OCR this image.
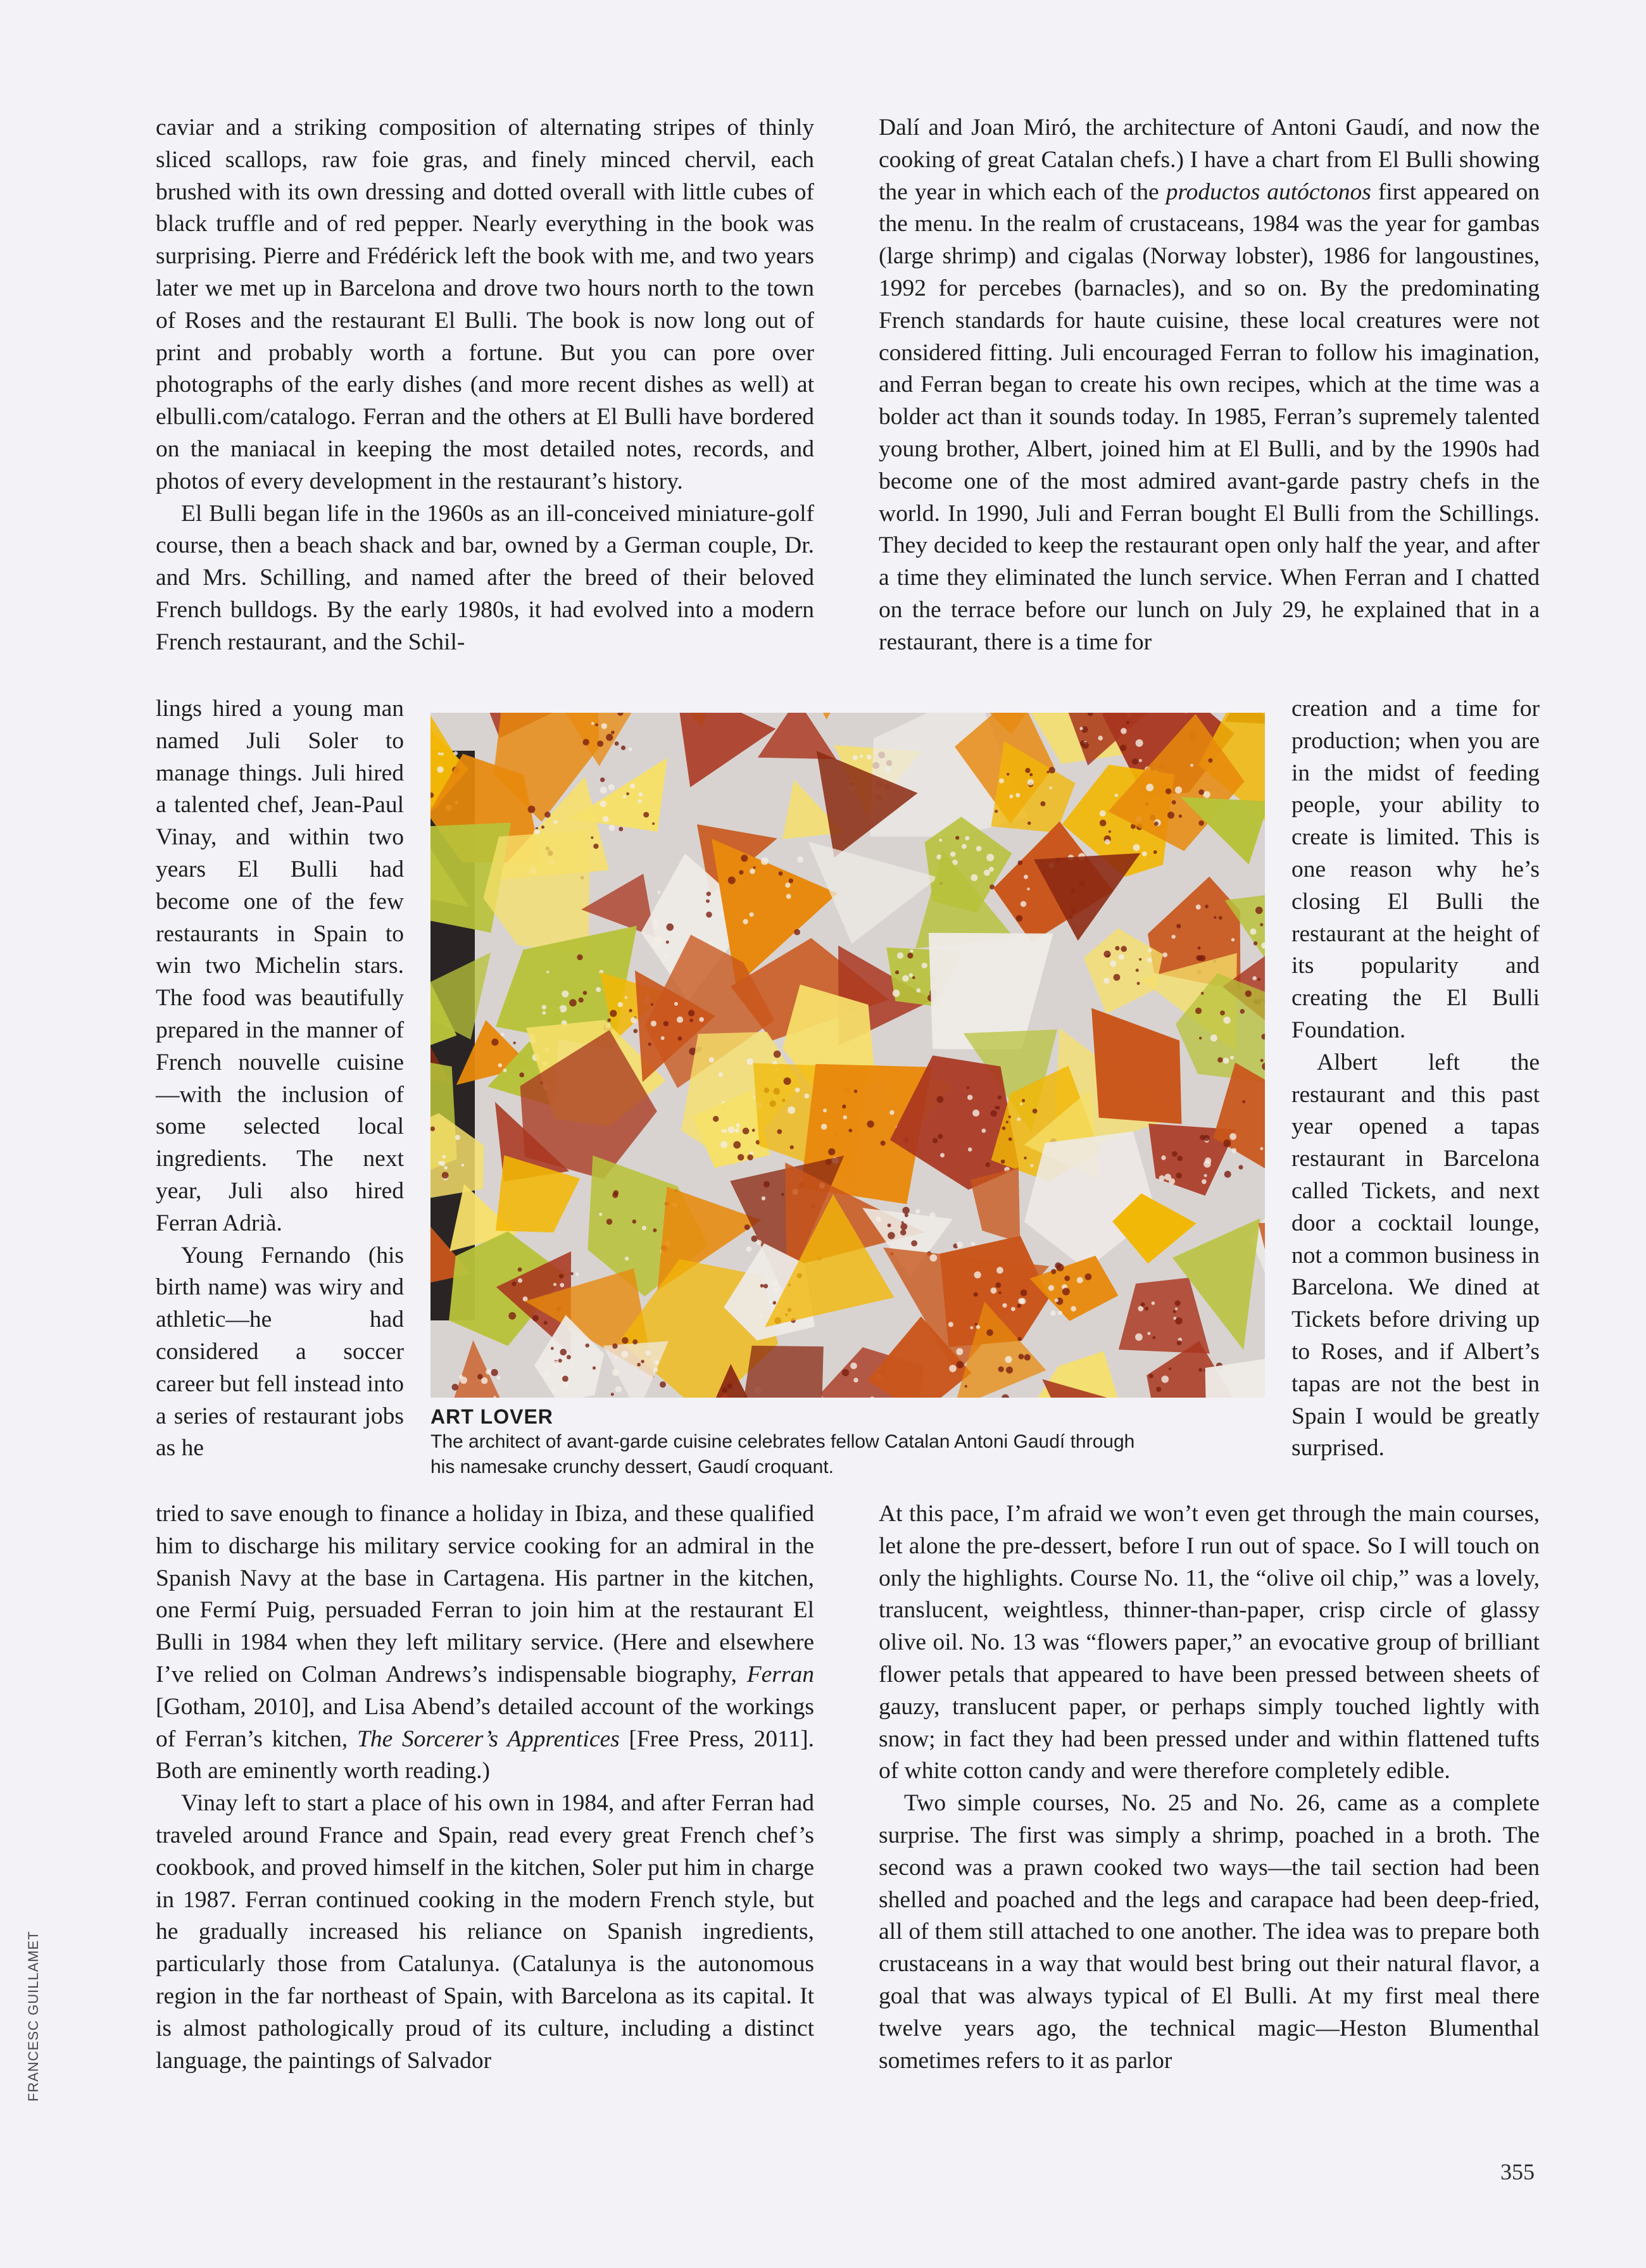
caviar and a striking composition of alternating stripes of thinly sliced scallops, raw foie gras, and finely minced chervil, each brushed with its own dressing and dotted overall with little cubes of black truffle and of red pepper. Nearly everything in the book was surprising. Pierre and Frédérick left the book with me, and two years later we met up in Barcelona and drove two hours north to the town of Roses and the restaurant El Bulli. The book is now long out of print and probably worth a fortune. But you can pore over photographs of the early dishes (and more recent dishes as well) at elbulli.com/catalogo. Ferran and the others at El Bulli have bordered on the maniacal in keeping the most detailed notes, records, and photos of every development in the restaurant’s history.

El Bulli began life in the 1960s as an ill-conceived miniature-golf course, then a beach shack and bar, owned by a German couple, Dr. and Mrs. Schilling, and named after the breed of their beloved French bulldogs. By the early 1980s, it had evolved into a modern French restaurant, and the Schil-

lings hired a young man named Juli Soler to manage things. Juli hired a talented chef, Jean-Paul Vinay, and within two years El Bulli had become one of the few restaurants in Spain to win two Michelin stars. The food was beautifully prepared in the manner of French nouvelle cuisine—with the inclusion of some selected local ingredients. The next year, Juli also hired Ferran Adrià.

Young Fernando (his birth name) was wiry and athletic—he had considered a soccer career but fell instead into a series of restaurant jobs as he

tried to save enough to finance a holiday in Ibiza, and these qualified him to discharge his military service cooking for an admiral in the Spanish Navy at the base in Cartagena. His partner in the kitchen, one Fermí Puig, persuaded Ferran to join him at the restaurant El Bulli in 1984 when they left military service. (Here and elsewhere I’ve relied on Colman Andrews’s indispensable biography, Ferran [Gotham, 2010], and Lisa Abend’s detailed account of the workings of Ferran’s kitchen, The Sorcerer’s Apprentices [Free Press, 2011]. Both are eminently worth reading.)

Vinay left to start a place of his own in 1984, and after Ferran had traveled around France and Spain, read every great French chef’s cookbook, and proved himself in the kitchen, Soler put him in charge in 1987. Ferran continued cooking in the modern French style, but he gradually increased his reliance on Spanish ingredients, particularly those from Catalunya. (Catalunya is the autonomous region in the far northeast of Spain, with Barcelona as its capital. It is almost pathologically proud of its culture, including a distinct language, the paintings of Salvador

Dalí and Joan Miró, the architecture of Antoni Gaudí, and now the cooking of great Catalan chefs.) I have a chart from El Bulli showing the year in which each of the productos autóctonos first appeared on the menu. In the realm of crustaceans, 1984 was the year for gambas (large shrimp) and cigalas (Norway lobster), 1986 for langoustines, 1992 for percebes (barnacles), and so on. By the predominating French standards for haute cuisine, these local creatures were not considered fitting. Juli encouraged Ferran to follow his imagination, and Ferran began to create his own recipes, which at the time was a bolder act than it sounds today. In 1985, Ferran’s supremely talented young brother, Albert, joined him at El Bulli, and by the 1990s had become one of the most admired avant-garde pastry chefs in the world. In 1990, Juli and Ferran bought El Bulli from the Schillings. They decided to keep the restaurant open only half the year, and after a time they eliminated the lunch service. When Ferran and I chatted on the terrace before our lunch on July 29, he explained that in a restaurant, there is a time for

creation and a time for production; when you are in the midst of feeding people, your ability to create is limited. This is one reason why he’s closing El Bulli the restaurant at the height of its popularity and creating the El Bulli Foundation.

Albert left the restaurant and this past year opened a tapas restaurant in Barcelona called Tickets, and next door a cocktail lounge, not a common business in Barcelona. We dined at Tickets before driving up to Roses, and if Albert’s tapas are not the best in Spain I would be greatly surprised.

At this pace, I’m afraid we won’t even get through the main courses, let alone the pre-dessert, before I run out of space. So I will touch on only the highlights. Course No. 11, the “olive oil chip,” was a lovely, translucent, weightless, thinner-than-paper, crisp circle of glassy olive oil. No. 13 was “flowers paper,” an evocative group of brilliant flower petals that appeared to have been pressed between sheets of gauzy, translucent paper, or perhaps simply touched lightly with snow; in fact they had been pressed under and within flattened tufts of white cotton candy and were therefore completely edible.

Two simple courses, No. 25 and No. 26, came as a complete surprise. The first was simply a shrimp, poached in a broth. The second was a prawn cooked two ways—the tail section had been shelled and poached and the legs and carapace had been deep-fried, all of them still attached to one another. The idea was to prepare both crustaceans in a way that would best bring out their natural flavor, a goal that was always typical of El Bulli. At my first meal there twelve years ago, the technical magic—Heston Blumenthal sometimes refers to it as parlor

ART LOVER
The architect of avant-garde cuisine celebrates fellow Catalan Antoni Gaudí through his namesake crunchy dessert, Gaudí croquant.
FRANCESC GUILLAMET
355
